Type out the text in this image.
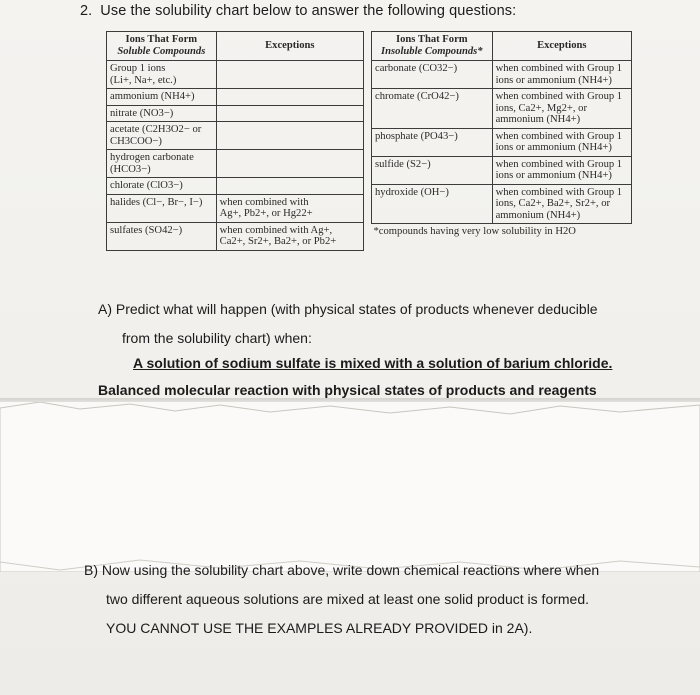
2. Use the solubility chart below to answer the following questions:
Ions That Form
Soluble Compounds	Exceptions

Group 1 ions
(Li+, Na+, etc.)	

ammonium (NH4+)	
nitrate (NO3−)	

acetate (C2H3O2− or
CH3COO−)	

hydrogen carbonate
(HCO3−)	

chlorate (ClO3−)	
halides (Cl−, Br−, I−)	when combined with
Ag+, Pb2+, or Hg22+

sulfates (SO42−)	when combined with Ag+,
Ca2+, Sr2+, Ba2+, or Pb2+
Ions That Form
Insoluble Compounds*	Exceptions
carbonate (CO32−)	when combined with Group 1
ions or ammonium (NH4+)

chromate (CrO42−)	when combined with Group 1
ions, Ca2+, Mg2+, or
ammonium (NH4+)

phosphate (PO43−)	when combined with Group 1
ions or ammonium (NH4+)

sulfide (S2−)	when combined with Group 1
ions or ammonium (NH4+)

hydroxide (OH−)	when combined with Group 1
ions, Ca2+, Ba2+, Sr2+, or
ammonium (NH4+)

*compounds having very low solubility in H2O	
A) Predict what will happen (with physical states of products whenever deducible
from the solubility chart) when:
A solution of sodium sulfate is mixed with a solution of barium chloride.
Balanced molecular reaction with physical states of products and reagents
B) Now using the solubility chart above, write down chemical reactions where when
two different aqueous solutions are mixed at least one solid product is formed.
YOU CANNOT USE THE EXAMPLES ALREADY PROVIDED in 2A).
